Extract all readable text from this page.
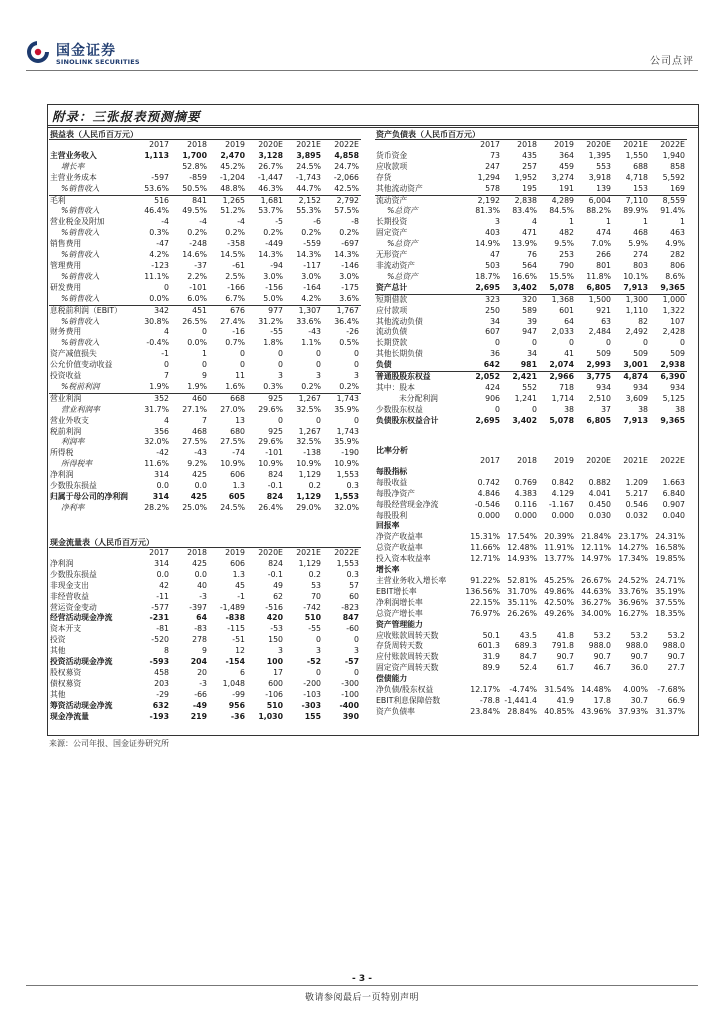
国金证券
SINOLINK SECURITIES	公司点评
附录：三张报表预测摘要
损益表（人民币百万元）
	2017	2018	2019	2020E	2021E	2022E
主营业务收入	1,113	1,700	2,470	3,128	3,895	4,858
增长率		52.8%	45.2%	26.7%	24.5%	24.7%
主营业务成本	-597	-859	-1,204	-1,447	-1,743	-2,066
%销售收入	53.6%	50.5%	48.8%	46.3%	44.7%	42.5%
毛利	516	841	1,265	1,681	2,152	2,792
%销售收入	46.4%	49.5%	51.2%	53.7%	55.3%	57.5%
营业税金及附加	-4	-4	-4	-5	-6	-8
%销售收入	0.3%	0.2%	0.2%	0.2%	0.2%	0.2%
销售费用	-47	-248	-358	-449	-559	-697
%销售收入	4.2%	14.6%	14.5%	14.3%	14.3%	14.3%
管理费用	-123	-37	-61	-94	-117	-146
%销售收入	11.1%	2.2%	2.5%	3.0%	3.0%	3.0%
研发费用	0	-101	-166	-156	-164	-175
%销售收入	0.0%	6.0%	6.7%	5.0%	4.2%	3.6%
息税前利润（EBIT）	342	451	676	977	1,307	1,767
%销售收入	30.8%	26.5%	27.4%	31.2%	33.6%	36.4%
财务费用	4	0	-16	-55	-43	-26
%销售收入	-0.4%	0.0%	0.7%	1.8%	1.1%	0.5%
资产减值损失	-1	1	0	0	0	0
公允价值变动收益	0	0	0	0	0	0
投资收益	7	9	11	3	3	3
%税前利润	1.9%	1.9%	1.6%	0.3%	0.2%	0.2%
营业利润	352	460	668	925	1,267	1,743
营业利润率	31.7%	27.1%	27.0%	29.6%	32.5%	35.9%
营业外收支	4	7	13	0	0	0
税前利润	356	468	680	925	1,267	1,743
利润率	32.0%	27.5%	27.5%	29.6%	32.5%	35.9%
所得税	-42	-43	-74	-101	-138	-190
所得税率	11.6%	9.2%	10.9%	10.9%	10.9%	10.9%
净利润	314	425	606	824	1,129	1,553
少数股东损益	0.0	0.0	1.3	-0.1	0.2	0.3
归属于母公司的净利润	314	425	605	824	1,129	1,553
净利率	28.2%	25.0%	24.5%	26.4%	29.0%	32.0%
资产负债表（人民币百万元）
	2017	2018	2019	2020E	2021E	2022E
货币资金	73	435	364	1,395	1,550	1,940
应收款项	247	257	459	553	688	858
存货	1,294	1,952	3,274	3,918	4,718	5,592
其他流动资产	578	195	191	139	153	169
流动资产	2,192	2,838	4,289	6,004	7,110	8,559
%总资产	81.3%	83.4%	84.5%	88.2%	89.9%	91.4%
长期投资	3	4	1	1	1	1
固定资产	403	471	482	474	468	463
%总资产	14.9%	13.9%	9.5%	7.0%	5.9%	4.9%
无形资产	47	76	253	266	274	282
非流动资产	503	564	790	801	803	806
%总资产	18.7%	16.6%	15.5%	11.8%	10.1%	8.6%
资产总计	2,695	3,402	5,078	6,805	7,913	9,365
短期借款	323	320	1,368	1,500	1,300	1,000
应付款项	250	589	601	921	1,110	1,322
其他流动负债	34	39	64	63	82	107
流动负债	607	947	2,033	2,484	2,492	2,428
长期贷款	0	0	0	0	0	0
其他长期负债	36	34	41	509	509	509
负债	642	981	2,074	2,993	3,001	2,938
普通股股东权益	2,052	2,421	2,966	3,775	4,874	6,390
其中：股本	424	552	718	934	934	934
未分配利润	906	1,241	1,714	2,510	3,609	5,125
少数股东权益	0	0	38	37	38	38
负债股东权益合计	2,695	3,402	5,078	6,805	7,913	9,365
现金流量表（人民币百万元）
	2017	2018	2019	2020E	2021E	2022E
净利润	314	425	606	824	1,129	1,553
少数股东损益	0.0	0.0	1.3	-0.1	0.2	0.3
非现金支出	42	40	45	49	53	57
非经营收益	-11	-3	-1	62	70	60
营运资金变动	-577	-397	-1,489	-516	-742	-823
经营活动现金净流	-231	64	-838	420	510	847
资本开支	-81	-83	-115	-53	-55	-60
投资	-520	278	-51	150	0	0
其他	8	9	12	3	3	3
投资活动现金净流	-593	204	-154	100	-52	-57
股权募资	458	20	6	17	0	0
债权募资	203	-3	1,048	600	-200	-300
其他	-29	-66	-99	-106	-103	-100
筹资活动现金净流	632	-49	956	510	-303	-400
现金净流量	-193	219	-36	1,030	155	390
比率分析
	2017	2018	2019	2020E	2021E	2022E
每股指标						
每股收益	0.742	0.769	0.842	0.882	1.209	1.663
每股净资产	4.846	4.383	4.129	4.041	5.217	6.840
每股经营现金净流	-0.546	0.116	-1.167	0.450	0.546	0.907
每股股利	0.000	0.000	0.000	0.030	0.032	0.040
回报率						
净资产收益率	15.31%	17.54%	20.39%	21.84%	23.17%	24.31%
总资产收益率	11.66%	12.48%	11.91%	12.11%	14.27%	16.58%
投入资本收益率	12.71%	14.93%	13.77%	14.97%	17.34%	19.85%
增长率						
主营业务收入增长率	91.22%	52.81%	45.25%	26.67%	24.52%	24.71%
EBIT增长率	136.56%	31.70%	49.86%	44.63%	33.76%	35.19%
净利润增长率	22.15%	35.11%	42.50%	36.27%	36.96%	37.55%
总资产增长率	76.97%	26.26%	49.26%	34.00%	16.27%	18.35%
资产管理能力						
应收账款周转天数	50.1	43.5	41.8	53.2	53.2	53.2
存货周转天数	601.3	689.3	791.8	988.0	988.0	988.0
应付账款周转天数	31.9	84.7	90.7	90.7	90.7	90.7
固定资产周转天数	89.9	52.4	61.7	46.7	36.0	27.7
偿债能力						
净负债/股东权益	12.17%	-4.74%	31.54%	14.48%	4.00%	-7.68%
EBIT利息保障倍数	-78.8	-1,441.4	41.9	17.8	30.7	66.9
资产负债率	23.84%	28.84%	40.85%	43.96%	37.93%	31.37%
来源：公司年报、国金证券研究所
- 3 -
敬请参阅最后一页特别声明
